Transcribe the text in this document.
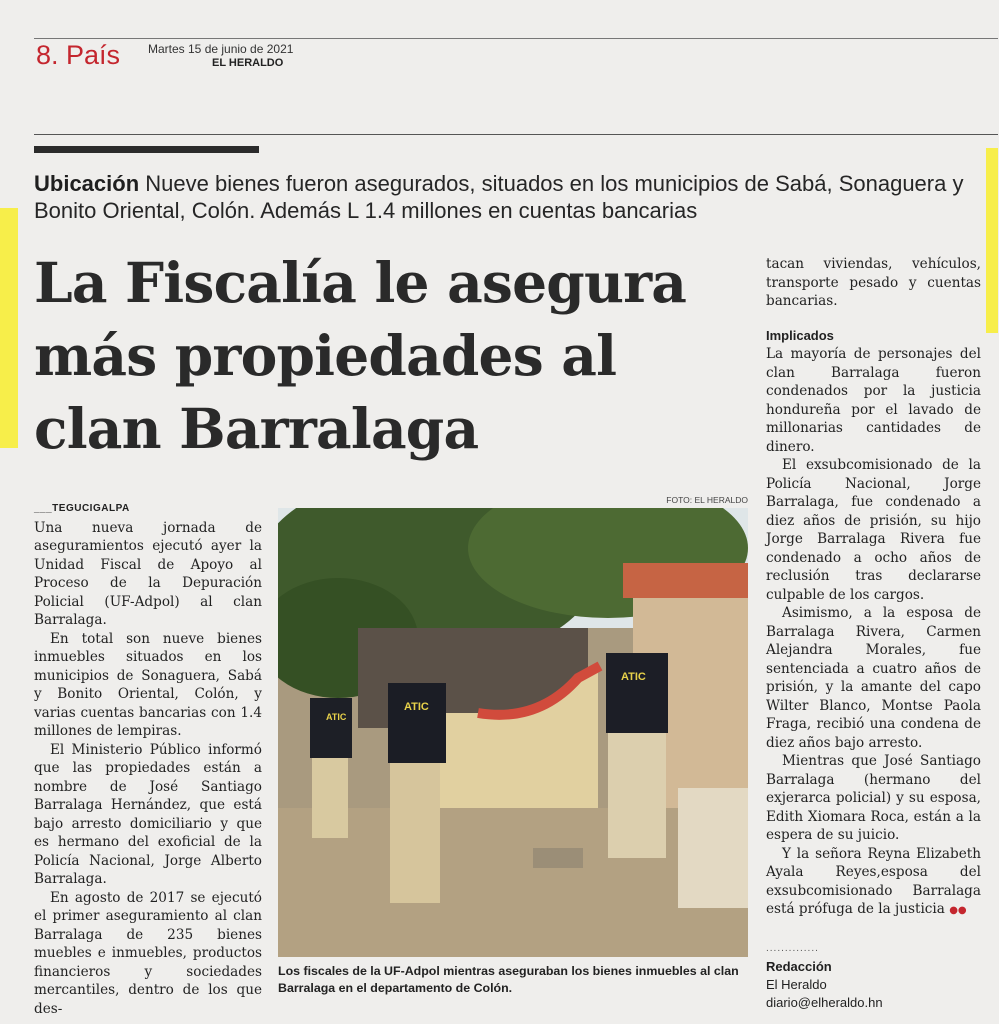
8. País Martes 15 de junio de 2021
EL HERALDO
Ubicación Nueve bienes fueron asegurados, situados en los municipios de Sabá, Sonaguera y Bonito Oriental, Colón. Además L 1.4 millones en cuentas bancarias
La Fiscalía le asegura más propiedades al clan Barralaga
___TEGUCIGALPA

Una nueva jornada de aseguramientos ejecutó ayer la Unidad Fiscal de Apoyo al Proceso de la Depuración Policial (UF-Adpol) al clan Barralaga.

En total son nueve bienes inmuebles situados en los municipios de Sonaguera, Sabá y Bonito Oriental, Colón, y varias cuentas bancarias con 1.4 millones de lempiras.

El Ministerio Público informó que las propiedades están a nombre de José Santiago Barralaga Hernández, que está bajo arresto domiciliario y que es hermano del exoficial de la Policía Nacional, Jorge Alberto Barralaga.

En agosto de 2017 se ejecutó el primer aseguramiento al clan Barralaga de 235 bienes muebles e inmuebles, productos financieros y sociedades mercantiles, dentro de los que des-

FOTO: EL HERALDO
ATIC
ATIC
ATIC
Los fiscales de la UF-Adpol mientras aseguraban los bienes inmuebles al clan Barralaga en el departamento de Colón.

tacan viviendas, vehículos, transporte pesado y cuentas bancarias.

Implicados

La mayoría de personajes del clan Barralaga fueron condenados por la justicia hondureña por el lavado de millonarias cantidades de dinero.

El exsubcomisionado de la Policía Nacional, Jorge Barralaga, fue condenado a diez años de prisión, su hijo Jorge Barralaga Rivera fue condenado a ocho años de reclusión tras declararse culpable de los cargos.

Asimismo, a la esposa de Barralaga Rivera, Carmen Alejandra Morales, fue sentenciada a cuatro años de prisión, y la amante del capo Wilter Blanco, Montse Paola Fraga, recibió una condena de diez años bajo arresto.

Mientras que José Santiago Barralaga (hermano del exjerarca policial) y su esposa, Edith Xiomara Roca, están a la espera de su juicio.

Y la señora Reyna Elizabeth Ayala Reyes,esposa del exsubcomisionado Barralaga está prófuga de la justicia ●●

..............
Redacción
El Heraldo
diario@elheraldo.hn
